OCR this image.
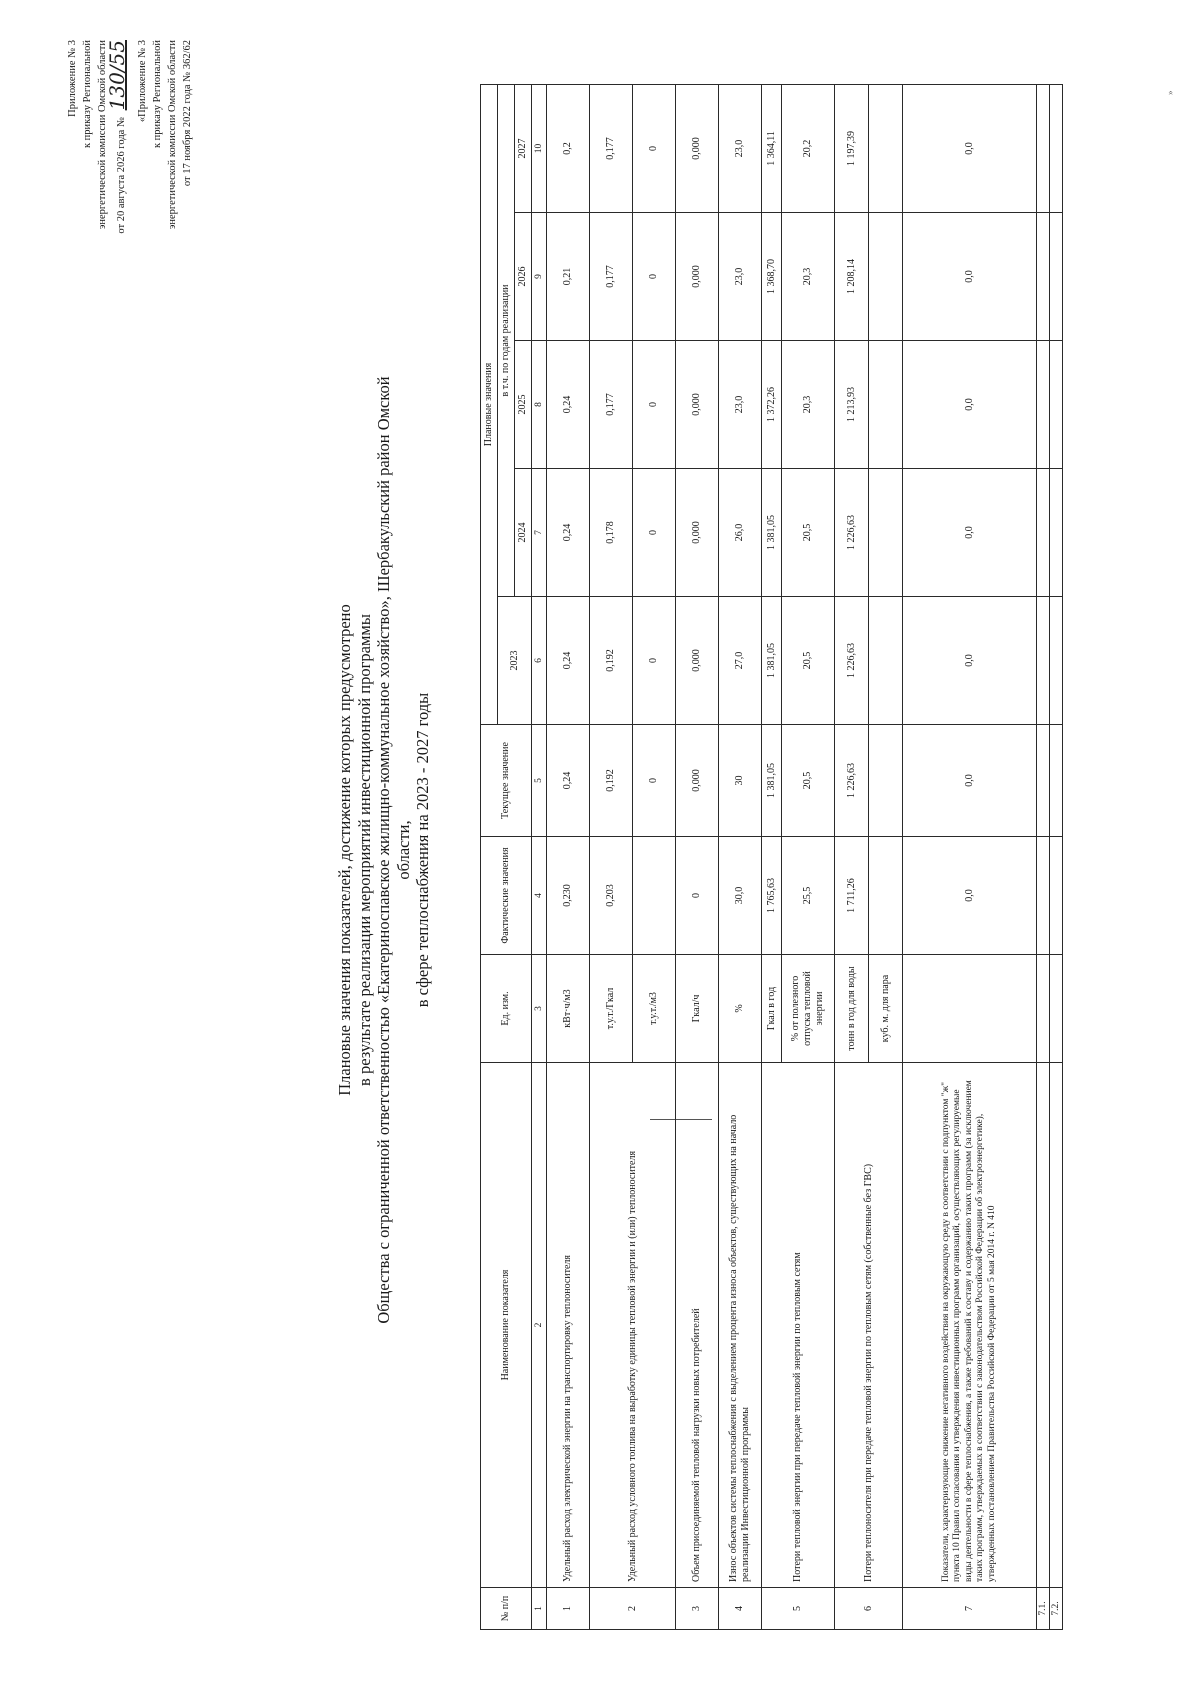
Приложение № 3 к приказу Региональной энергетической комиссии Омской области от 20 августа 2026 года № 130/55 «Приложение № 3 к приказу Региональной энергетической комиссии Омской области от 17 ноября 2022 года № 362/62
Плановые значения показателей, достижение которых предусмотрено в результате реализации мероприятий инвестиционной программы Общества с ограниченной ответственностью «Екатериноспавское жилищно-коммунальное хозяйство», Шербакульский район Омской области, в сфере теплоснабжения на 2023 - 2027 годы
№ п/п	Наименование показателя	Ед. изм.	Фактические значения	Текущее значение	Плановые значения				
					2023	в т.ч. по годам реализации			
						2024	2025	2026	2027
1	2	3	4	5	6	7	8	9	10
1	Удельный расход электрической энергии на транспортировку теплоносителя	кВт·ч/м3	0,230	0,24	0,24	0,24	0,24	0,21	0,2
2	Удельный расход условного топлива на выработку единицы тепловой энергии и (или) теплоносителя	т.у.т./Гкал	0,203	0,192	0,192	0,178	0,177	0,177	0,177
		т.у.т./м3		0	0	0	0	0	0
3	Объем присоединяемой тепловой нагрузки новых потребителей	Гкал/ч	0	0,000	0,000	0,000	0,000	0,000	0,000
4	Износ объектов системы теплоснабжения с выделением процента износа объектов, существующих на начало реализации Инвестиционной программы	%	30,0	30	27,0	26,0	23,0	23,0	23,0
5	Потери тепловой энергии при передаче тепловой энергии по тепловым сетям	Гкал в год	1 765,63	1 381,05	1 381,05	1 381,05	1 372,26	1 368,70	1 364,11
		% от полезного отпуска тепловой энергии	25,5	20,5	20,5	20,5	20,3	20,3	20,2
6	Потери теплоносителя при передаче тепловой энергии по тепловым сетям (собственные без ГВС)	тонн в год для воды	1 711,26	1 226,63	1 226,63	1 226,63	1 213,93	1 208,14	1 197,39
		куб. м. для пара							
7	Показатели, характеризующие снижение негативного воздействия на окружающую среду в соответствии с подпунктом "ж" пункта 10 Правил согласования и утверждения инвестиционных программ организаций, осуществляющих регулируемые виды деятельности в сфере теплоснабжения, а также требований к составу и содержанию таких программ (за исключением таких программ, утверждаемых в соответствии с законодательством Российской Федерации об электроэнергетике), утвержденных постановлением Правительства Российской Федерации от 5 мая 2014 г. N 410		0,0	0,0	0,0	0,0	0,0	0,0	0,0
7.1.									
7.2.									
»
